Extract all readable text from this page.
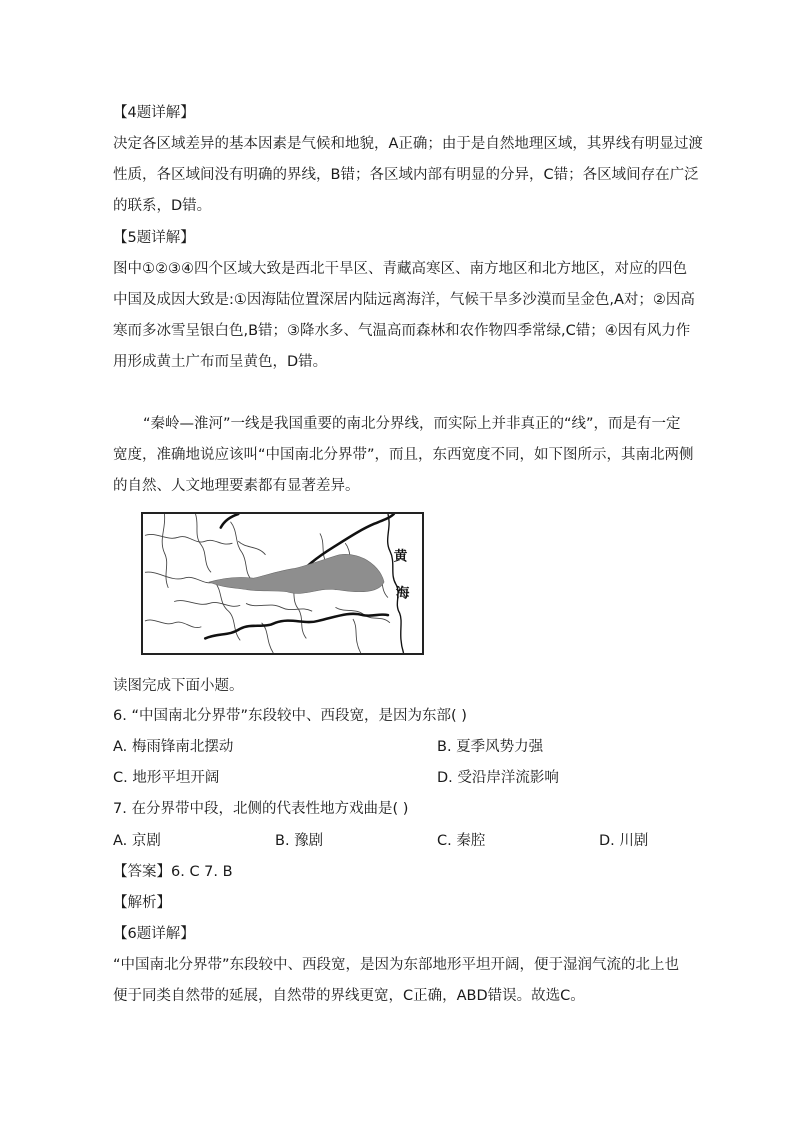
【4题详解】
决定各区域差异的基本因素是气候和地貌，A正确；由于是自然地理区域，其界线有明显过渡
性质，各区域间没有明确的界线，B错；各区域内部有明显的分异，C错；各区域间存在广泛
的联系，D错。
【5题详解】
图中①②③④四个区域大致是西北干旱区、青藏高寒区、南方地区和北方地区，对应的四色
中国及成因大致是:①因海陆位置深居内陆远离海洋，气候干旱多沙漠而呈金色,A对；②因高
寒而多冰雪呈银白色,B错；③降水多、气温高而森林和农作物四季常绿,C错；④因有风力作
用形成黄土广布而呈黄色，D错。
“秦岭—淮河”一线是我国重要的南北分界线，而实际上并非真正的“线”，而是有一定
宽度，准确地说应该叫“中国南北分界带”，而且，东西宽度不同，如下图所示，其南北两侧
的自然、人文地理要素都有显著差异。
黄
海
读图完成下面小题。
6. “中国南北分界带”东段较中、西段宽，是因为东部( )
A. 梅雨锋南北摆动	B. 夏季风势力强
C. 地形平坦开阔	D. 受沿岸洋流影响
7. 在分界带中段，北侧的代表性地方戏曲是( )
A. 京剧	B. 豫剧	C. 秦腔	D. 川剧
【答案】6. C 7. B
【解析】
【6题详解】
“中国南北分界带”东段较中、西段宽，是因为东部地形平坦开阔，便于湿润气流的北上也
便于同类自然带的延展，自然带的界线更宽，C正确，ABD错误。故选C。
